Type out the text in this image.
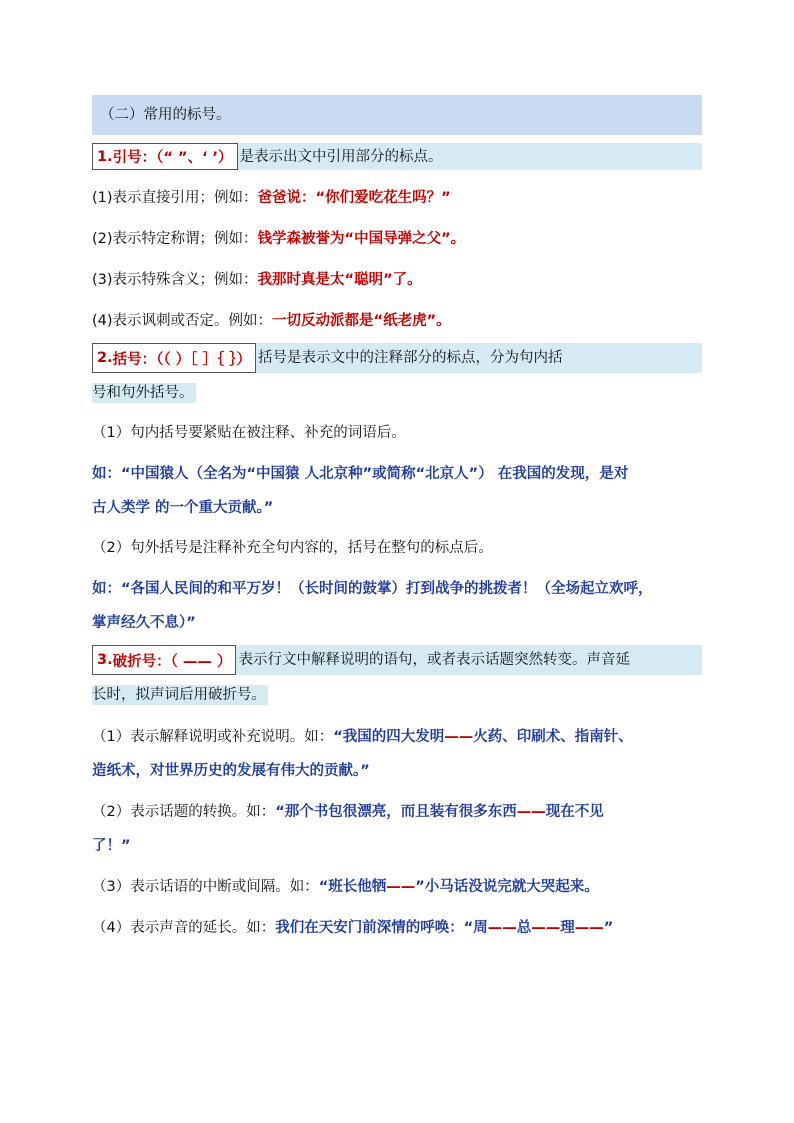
（二）常用的标号。
1. 引号：（“ ”、‘ ’） 是表示出文中引用部分的标点。
(1)表示直接引用；例如：爸爸说：“你们爱吃花生吗？”
(2)表示特定称谓；例如：钱学森被誉为“中国导弹之父”。
(3)表示特殊含义；例如：我那时真是太“聪明”了。
(4)表示讽刺或否定。例如：一切反动派都是“纸老虎”。
2. 括号：（（ ）［ ］｛ ｝） 括号是表示文中的注释部分的标点，分为句内括
号和句外括号。
（1）句内括号要紧贴在被注释、补充的词语后。
如：“中国猿人（全名为“中国猿 人北京种”或简称“北京人”） 在我国的发现，是对
古人类学 的一个重大贡献。”
（2）句外括号是注释补充全句内容的，括号在整句的标点后。
如：“各国人民间的和平万岁！（长时间的鼓掌）打到战争的挑拨者！（全场起立欢呼，
掌声经久不息）”
3. 破折号：（ —— ） 表示行文中解释说明的语句，或者表示话题突然转变。声音延
长时，拟声词后用破折号。
（1）表示解释说明或补充说明。如：“我国的四大发明——火药、印刷术、指南针、
造纸术，对世界历史的发展有伟大的贡献。”
（2）表示话题的转换。如：“那个书包很漂亮，而且装有很多东西——现在不见
了！”
（3）表示话语的中断或间隔。如：“班长他牺——”小马话没说完就大哭起来。
（4）表示声音的延长。如：我们在天安门前深情的呼唤：“周——总——理——”
